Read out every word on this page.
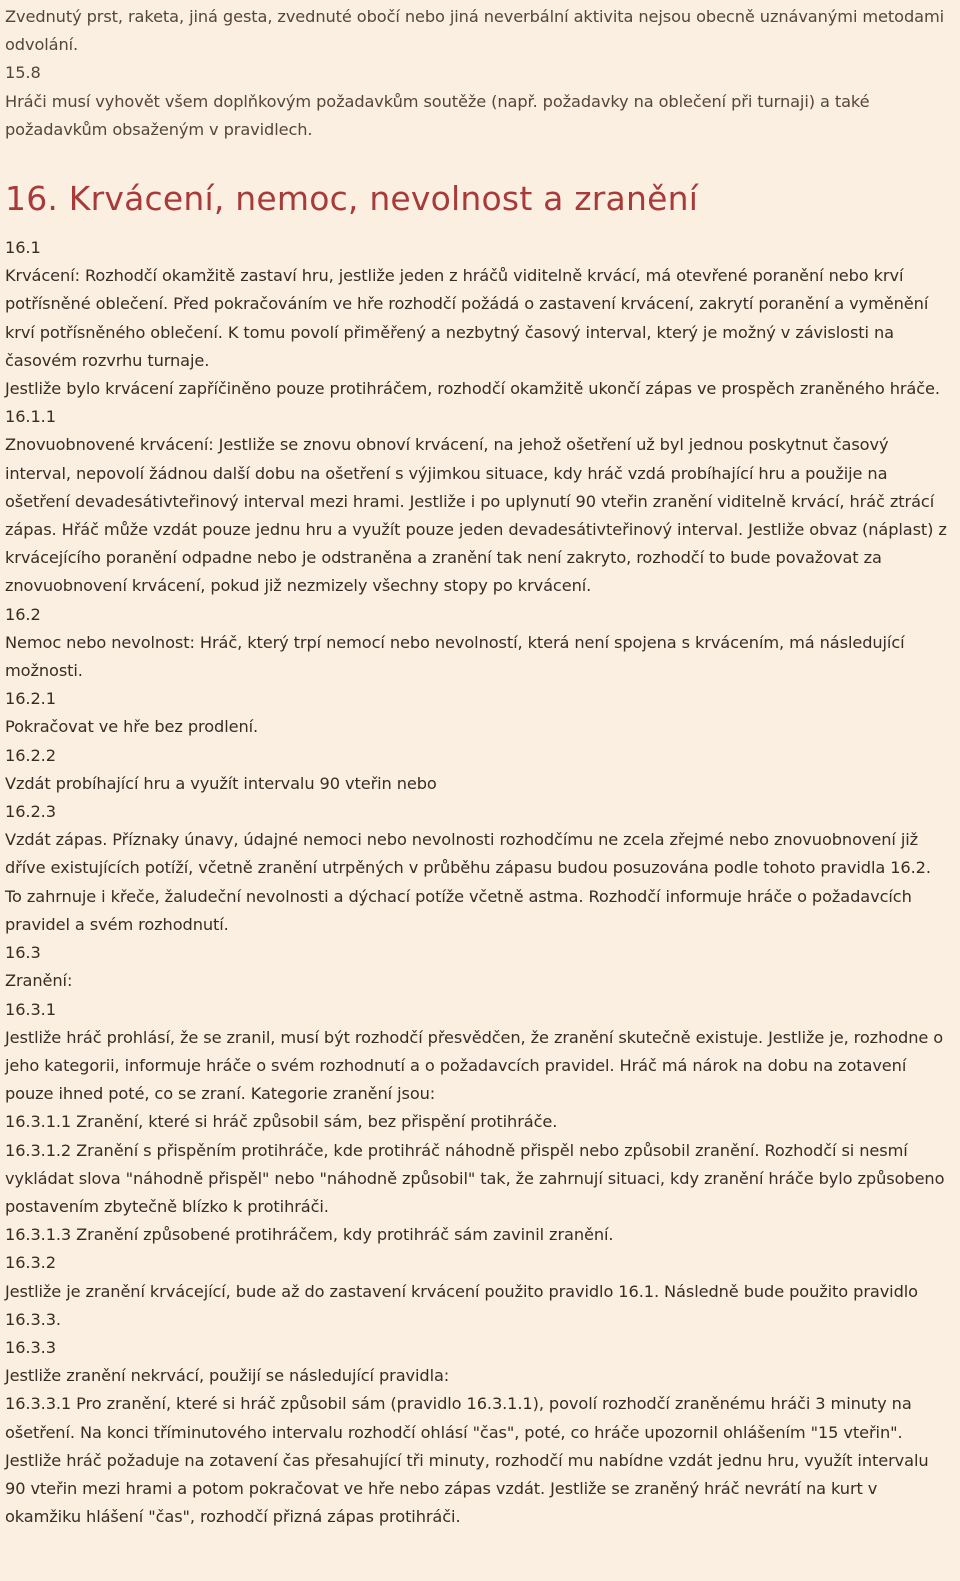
Zvednutý prst, raketa, jiná gesta, zvednuté obočí nebo jiná neverbální aktivita nejsou obecně uznávanými metodami odvolání.

15.8

Hráči musí vyhovět všem doplňkovým požadavkům soutěže (např. požadavky na oblečení při turnaji) a také požadavkům obsaženým v pravidlech.

16. Krvácení, nemoc, nevolnost a zranění

16.1

Krvácení: Rozhodčí okamžitě zastaví hru, jestliže jeden z hráčů viditelně krvácí, má otevřené poranění nebo krví potřísněné oblečení. Před pokračováním ve hře rozhodčí požádá o zastavení krvácení, zakrytí poranění a vyměnění krví potřísněného oblečení. K tomu povolí přiměřený a nezbytný časový interval, který je možný v závislosti na časovém rozvrhu turnaje.

Jestliže bylo krvácení zapříčiněno pouze protihráčem, rozhodčí okamžitě ukončí zápas ve prospěch zraněného hráče.

16.1.1

Znovuobnovené krvácení: Jestliže se znovu obnoví krvácení, na jehož ošetření už byl jednou poskytnut časový interval, nepovolí žádnou další dobu na ošetření s výjimkou situace, kdy hráč vzdá probíhající hru a použije na ošetření devadesátivteřinový interval mezi hrami. Jestliže i po uplynutí 90 vteřin zranění viditelně krvácí, hráč ztrácí zápas. Hřáč může vzdát pouze jednu hru a využít pouze jeden devadesátivteřinový interval. Jestliže obvaz (náplast) z krvácejícího poranění odpadne nebo je odstraněna a zranění tak není zakryto, rozhodčí to bude považovat za znovuobnovení krvácení, pokud již nezmizely všechny stopy po krvácení.

16.2

Nemoc nebo nevolnost: Hráč, který trpí nemocí nebo nevolností, která není spojena s krvácením, má následující možnosti.

16.2.1

Pokračovat ve hře bez prodlení.

16.2.2

Vzdát probíhající hru a využít intervalu 90 vteřin nebo

16.2.3

Vzdát zápas. Příznaky únavy, údajné nemoci nebo nevolnosti rozhodčímu ne zcela zřejmé nebo znovuobnovení již dříve existujících potíží, včetně zranění utrpěných v průběhu zápasu budou posuzována podle tohoto pravidla 16.2. To zahrnuje i křeče, žaludeční nevolnosti a dýchací potíže včetně astma. Rozhodčí informuje hráče o požadavcích pravidel a svém rozhodnutí.

16.3

Zranění:

16.3.1

Jestliže hráč prohlásí, že se zranil, musí být rozhodčí přesvědčen, že zranění skutečně existuje. Jestliže je, rozhodne o jeho kategorii, informuje hráče o svém rozhodnutí a o požadavcích pravidel. Hráč má nárok na dobu na zotavení pouze ihned poté, co se zraní. Kategorie zranění jsou:

16.3.1.1 Zranění, které si hráč způsobil sám, bez přispění protihráče.

16.3.1.2 Zranění s přispěním protihráče, kde protihráč náhodně přispěl nebo způsobil zranění. Rozhodčí si nesmí vykládat slova "náhodně přispěl" nebo "náhodně způsobil" tak, že zahrnují situaci, kdy zranění hráče bylo způsobeno postavením zbytečně blízko k protihráči.

16.3.1.3 Zranění způsobené protihráčem, kdy protihráč sám zavinil zranění.

16.3.2

Jestliže je zranění krvácející, bude až do zastavení krvácení použito pravidlo 16.1. Následně bude použito pravidlo 16.3.3.

16.3.3

Jestliže zranění nekrvácí, použijí se následující pravidla:

16.3.3.1 Pro zranění, které si hráč způsobil sám (pravidlo 16.3.1.1), povolí rozhodčí zraněnému hráči 3 minuty na ošetření. Na konci tříminutového intervalu rozhodčí ohlásí "čas", poté, co hráče upozornil ohlášením "15 vteřin". Jestliže hráč požaduje na zotavení čas přesahující tři minuty, rozhodčí mu nabídne vzdát jednu hru, využít intervalu 90 vteřin mezi hrami a potom pokračovat ve hře nebo zápas vzdát. Jestliže se zraněný hráč nevrátí na kurt v okamžiku hlášení "čas", rozhodčí přizná zápas protihráči.
